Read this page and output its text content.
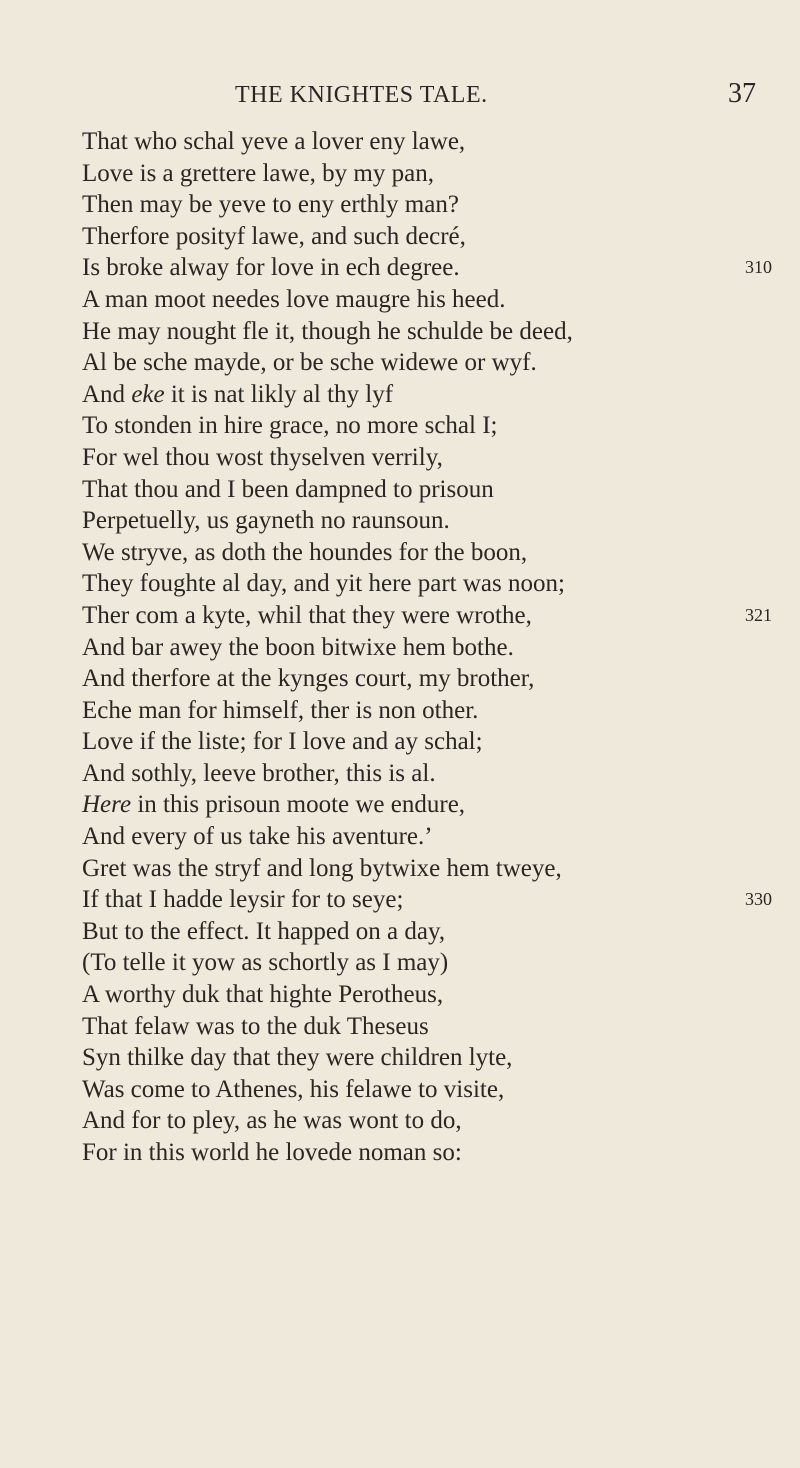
THE KNIGHTES TALE.	37
That who schal yeve a lover eny lawe,
Love is a grettere lawe, by my pan,
Then may be yeve to eny erthly man?
Therfore posityf lawe, and such decré,
Is broke alway for love in ech degree.	310
A man moot needes love maugre his heed.
He may nought fle it, though he schulde be deed,
Al be sche mayde, or be sche widewe or wyf.
And eke it is nat likly al thy lyf
To stonden in hire grace, no more schal I;
For wel thou wost thyselven verrily,
That thou and I been dampned to prisoun
Perpetuelly, us gayneth no raunsoun.
We stryve, as doth the houndes for the boon,
They foughte al day, and yit here part was noon;
Ther com a kyte, whil that they were wrothe,	321
And bar awey the boon bitwixe hem bothe.
And therfore at the kynges court, my brother,
Eche man for himself, ther is non other.
Love if the liste; for I love and ay schal;
And sothly, leeve brother, this is al.
Here in this prisoun moote we endure,
And every of us take his aventure.’
Gret was the stryf and long bytwixe hem tweye,
If that I hadde leysir for to seye;	330
But to the effect. It happed on a day,
(To telle it yow as schortly as I may)
A worthy duk that highte Perotheus,
That felaw was to the duk Theseus
Syn thilke day that they were children lyte,
Was come to Athenes, his felawe to visite,
And for to pley, as he was wont to do,
For in this world he lovede noman so:
